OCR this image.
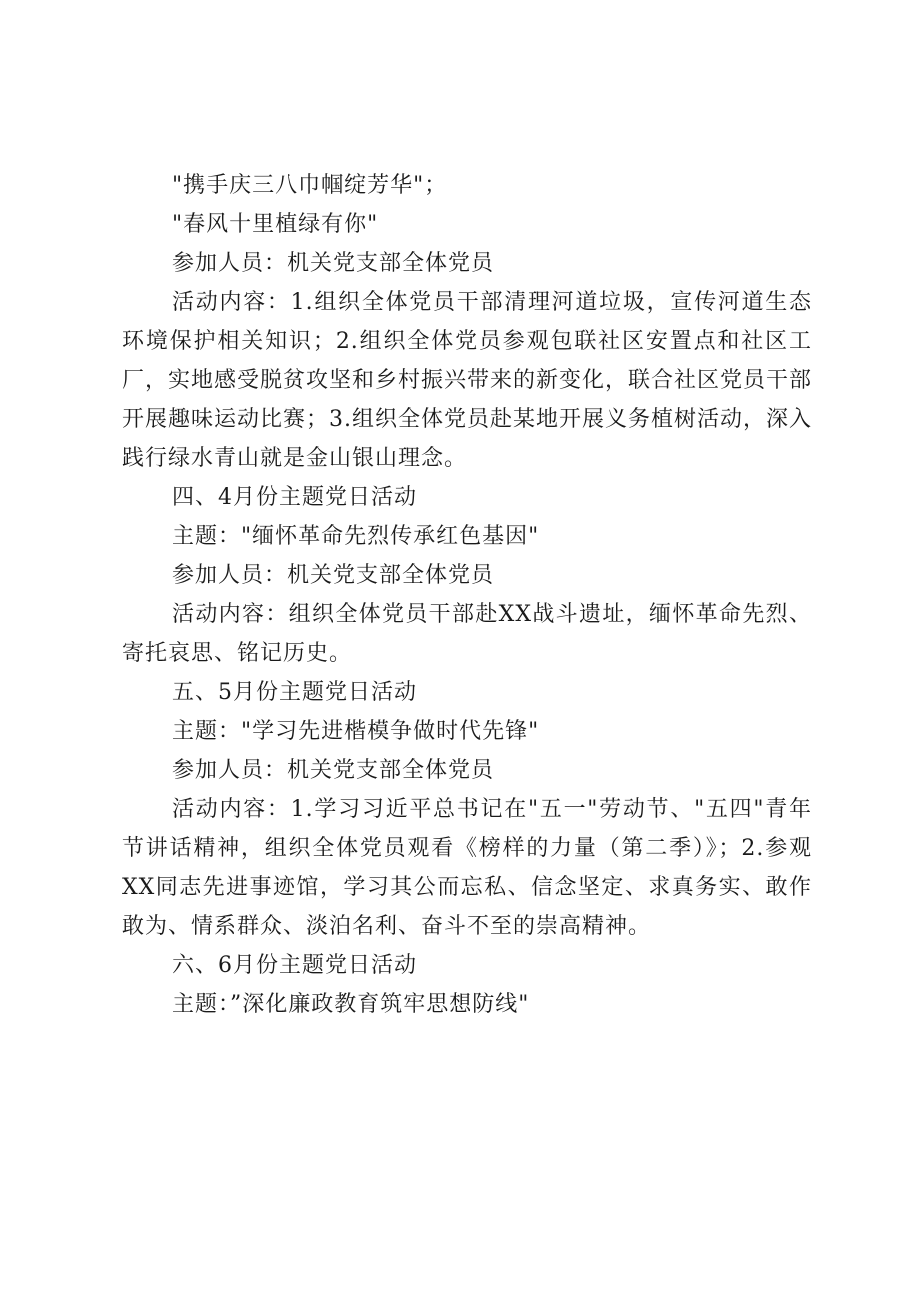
"携手庆三八巾帼绽芳华"；

"春风十里植绿有你"

参加人员：机关党支部全体党员

活动内容：1.组织全体党员干部清理河道垃圾，宣传河道生态环境保护相关知识；2.组织全体党员参观包联社区安置点和社区工厂，实地感受脱贫攻坚和乡村振兴带来的新变化，联合社区党员干部开展趣味运动比赛；3.组织全体党员赴某地开展义务植树活动，深入践行绿水青山就是金山银山理念。

四、4月份主题党日活动

主题："缅怀革命先烈传承红色基因"

参加人员：机关党支部全体党员

活动内容：组织全体党员干部赴XX战斗遗址，缅怀革命先烈、寄托哀思、铭记历史。

五、5月份主题党日活动

主题："学习先进楷模争做时代先锋"

参加人员：机关党支部全体党员

活动内容：1.学习习近平总书记在"五一"劳动节、"五四"青年节讲话精神，组织全体党员观看《榜样的力量（第二季）》；2.参观XX同志先进事迹馆，学习其公而忘私、信念坚定、求真务实、敢作敢为、情系群众、淡泊名利、奋斗不至的崇高精神。

六、6月份主题党日活动

主题：”深化廉政教育筑牢思想防线"
